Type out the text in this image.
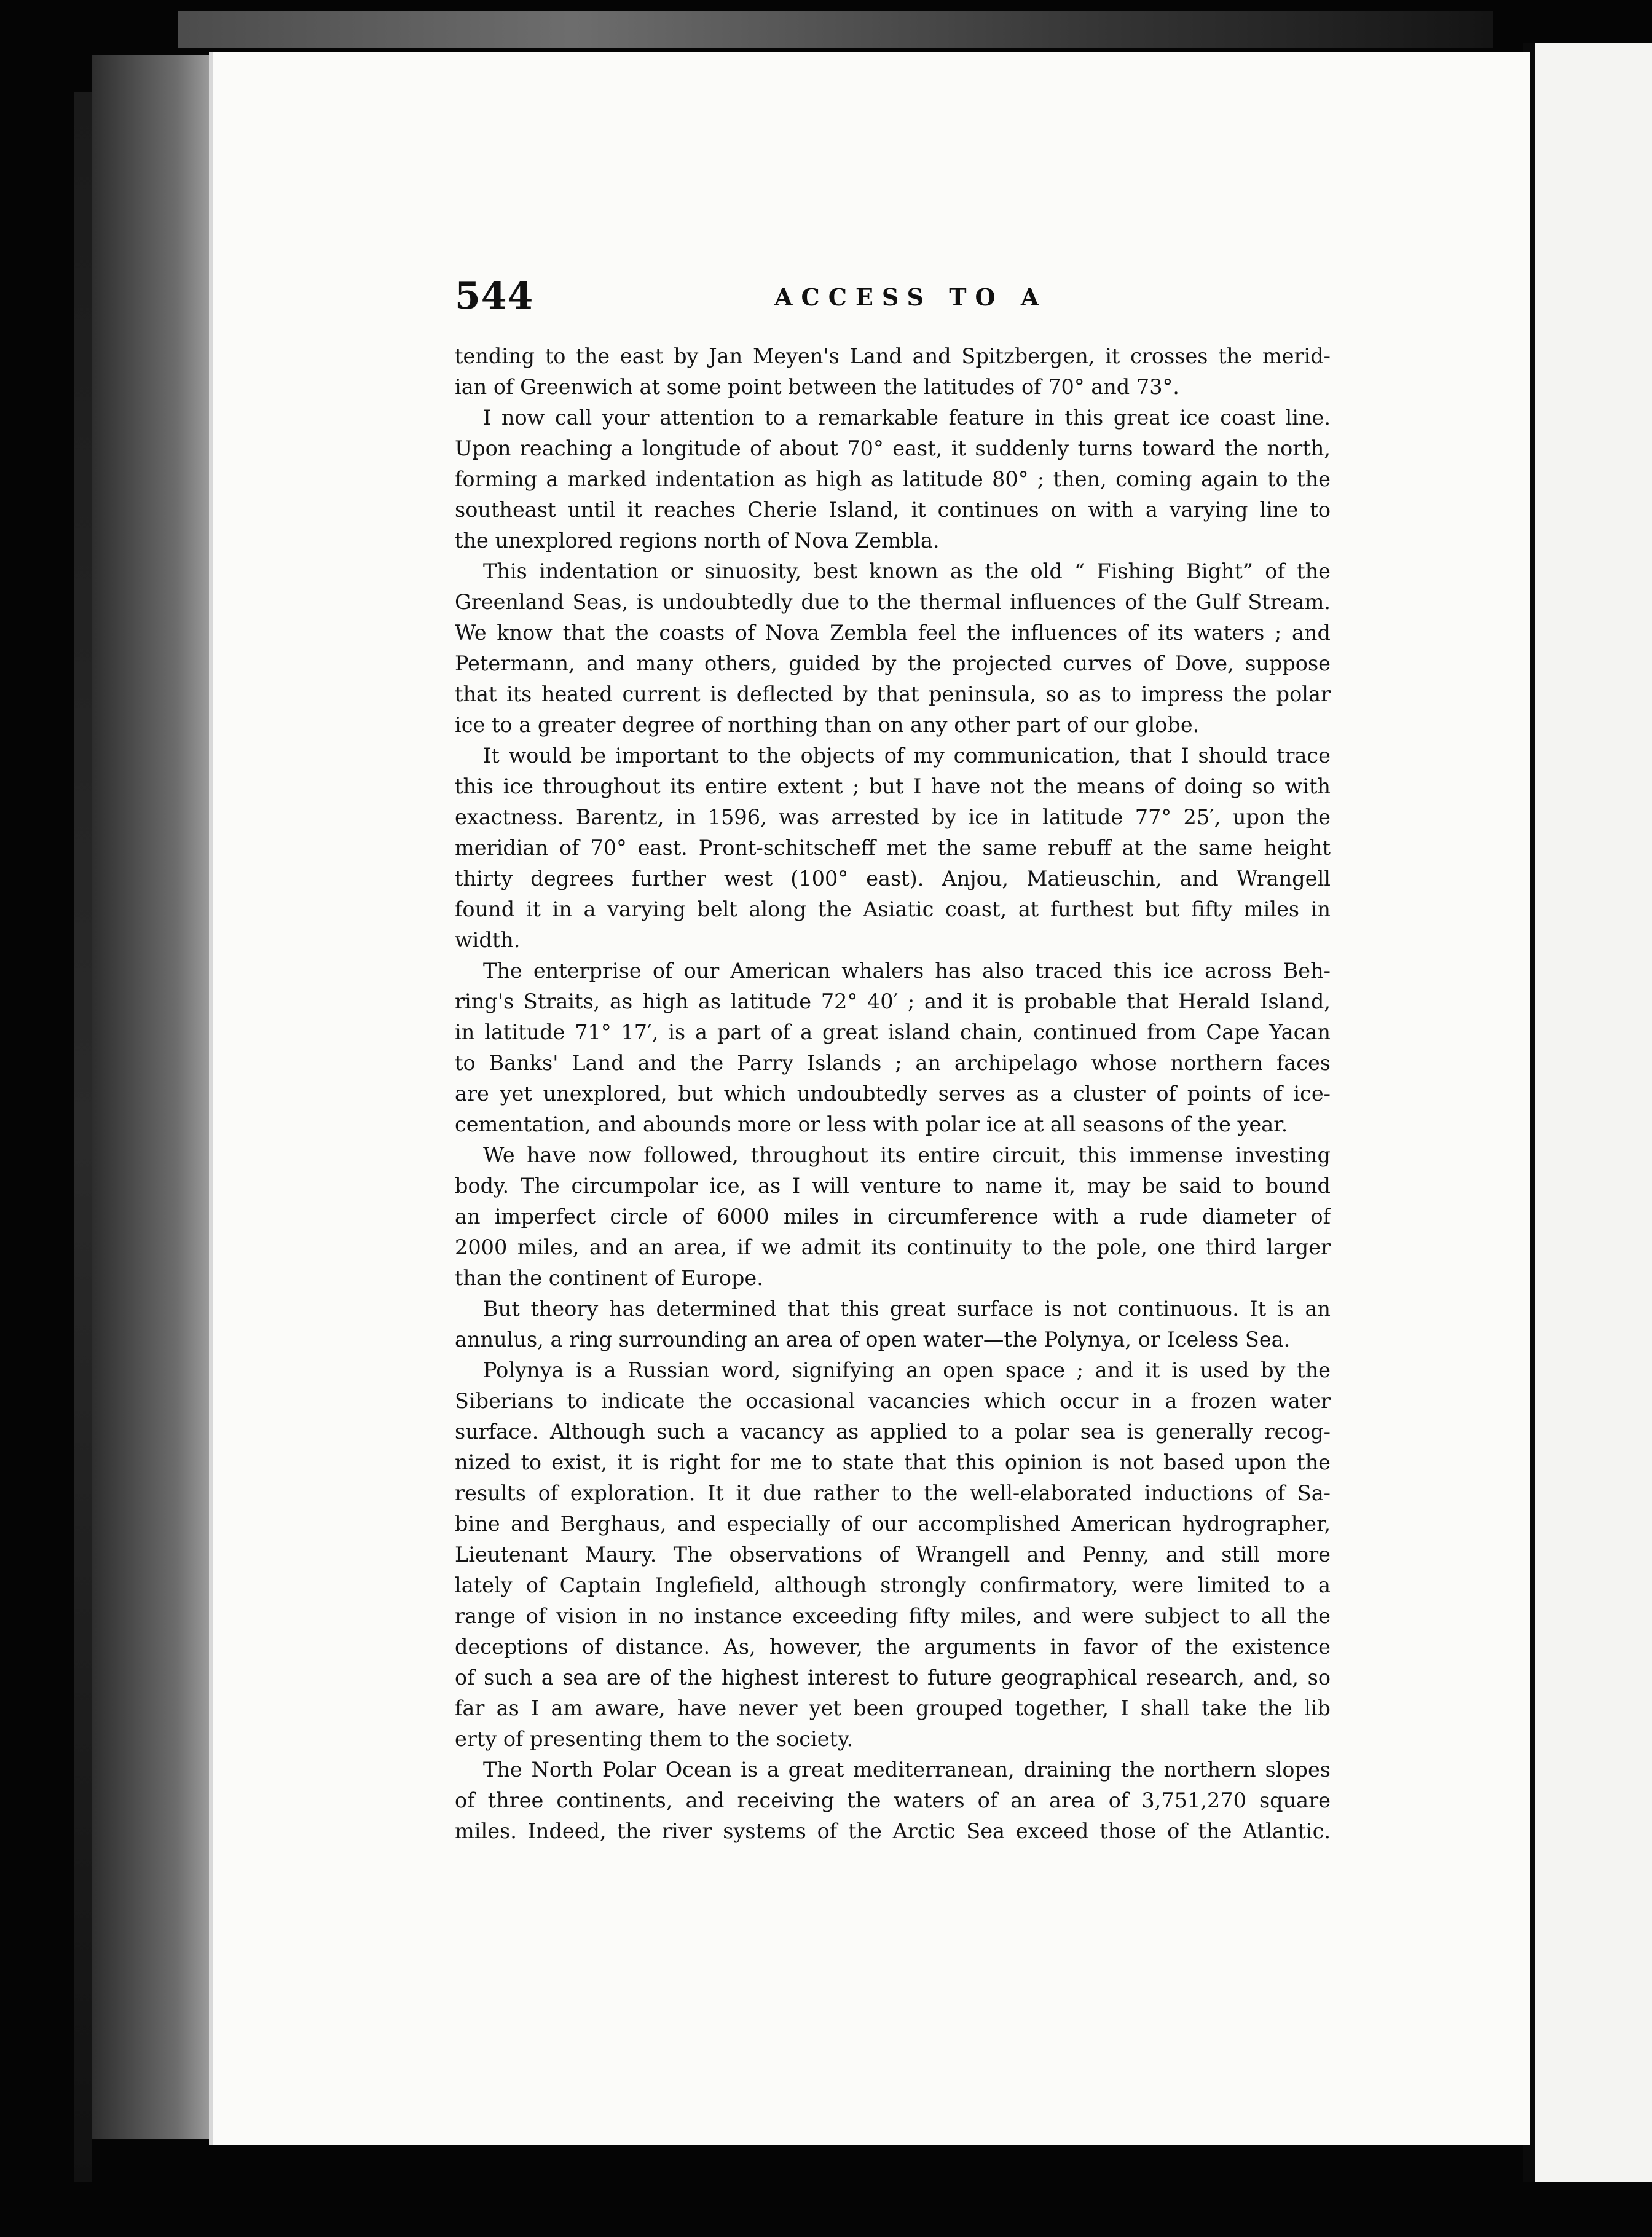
544	ACCESS TO A
tending to the east by Jan Meyen's Land and Spitzbergen, it crosses the merid-
ian of Greenwich at some point between the latitudes of 70° and 73°.
I now call your attention to a remarkable feature in this great ice coast line.
Upon reaching a longitude of about 70° east, it suddenly turns toward the north,
forming a marked indentation as high as latitude 80° ; then, coming again to the
southeast until it reaches Cherie Island, it continues on with a varying line to
the unexplored regions north of Nova Zembla.
This indentation or sinuosity, best known as the old “ Fishing Bight” of the
Greenland Seas, is undoubtedly due to the thermal influences of the Gulf Stream.
We know that the coasts of Nova Zembla feel the influences of its waters ; and
Petermann, and many others, guided by the projected curves of Dove, suppose
that its heated current is deflected by that peninsula, so as to impress the polar
ice to a greater degree of northing than on any other part of our globe.
It would be important to the objects of my communication, that I should trace
this ice throughout its entire extent ; but I have not the means of doing so with
exactness. Barentz, in 1596, was arrested by ice in latitude 77° 25′, upon the
meridian of 70° east. Pront-schitscheff met the same rebuff at the same height
thirty degrees further west (100° east). Anjou, Matieuschin, and Wrangell
found it in a varying belt along the Asiatic coast, at furthest but fifty miles in
width.
The enterprise of our American whalers has also traced this ice across Beh-
ring's Straits, as high as latitude 72° 40′ ; and it is probable that Herald Island,
in latitude 71° 17′, is a part of a great island chain, continued from Cape Yacan
to Banks' Land and the Parry Islands ; an archipelago whose northern faces
are yet unexplored, but which undoubtedly serves as a cluster of points of ice-
cementation, and abounds more or less with polar ice at all seasons of the year.
We have now followed, throughout its entire circuit, this immense investing
body. The circumpolar ice, as I will venture to name it, may be said to bound
an imperfect circle of 6000 miles in circumference with a rude diameter of
2000 miles, and an area, if we admit its continuity to the pole, one third larger
than the continent of Europe.
But theory has determined that this great surface is not continuous. It is an
annulus, a ring surrounding an area of open water—the Polynya, or Iceless Sea.
Polynya is a Russian word, signifying an open space ; and it is used by the
Siberians to indicate the occasional vacancies which occur in a frozen water
surface. Although such a vacancy as applied to a polar sea is generally recog-
nized to exist, it is right for me to state that this opinion is not based upon the
results of exploration. It it due rather to the well-elaborated inductions of Sa-
bine and Berghaus, and especially of our accomplished American hydrographer,
Lieutenant Maury. The observations of Wrangell and Penny, and still more
lately of Captain Inglefield, although strongly confirmatory, were limited to a
range of vision in no instance exceeding fifty miles, and were subject to all the
deceptions of distance. As, however, the arguments in favor of the existence
of such a sea are of the highest interest to future geographical research, and, so
far as I am aware, have never yet been grouped together, I shall take the lib
erty of presenting them to the society.
The North Polar Ocean is a great mediterranean, draining the northern slopes
of three continents, and receiving the waters of an area of 3,751,270 square
miles. Indeed, the river systems of the Arctic Sea exceed those of the Atlantic.
